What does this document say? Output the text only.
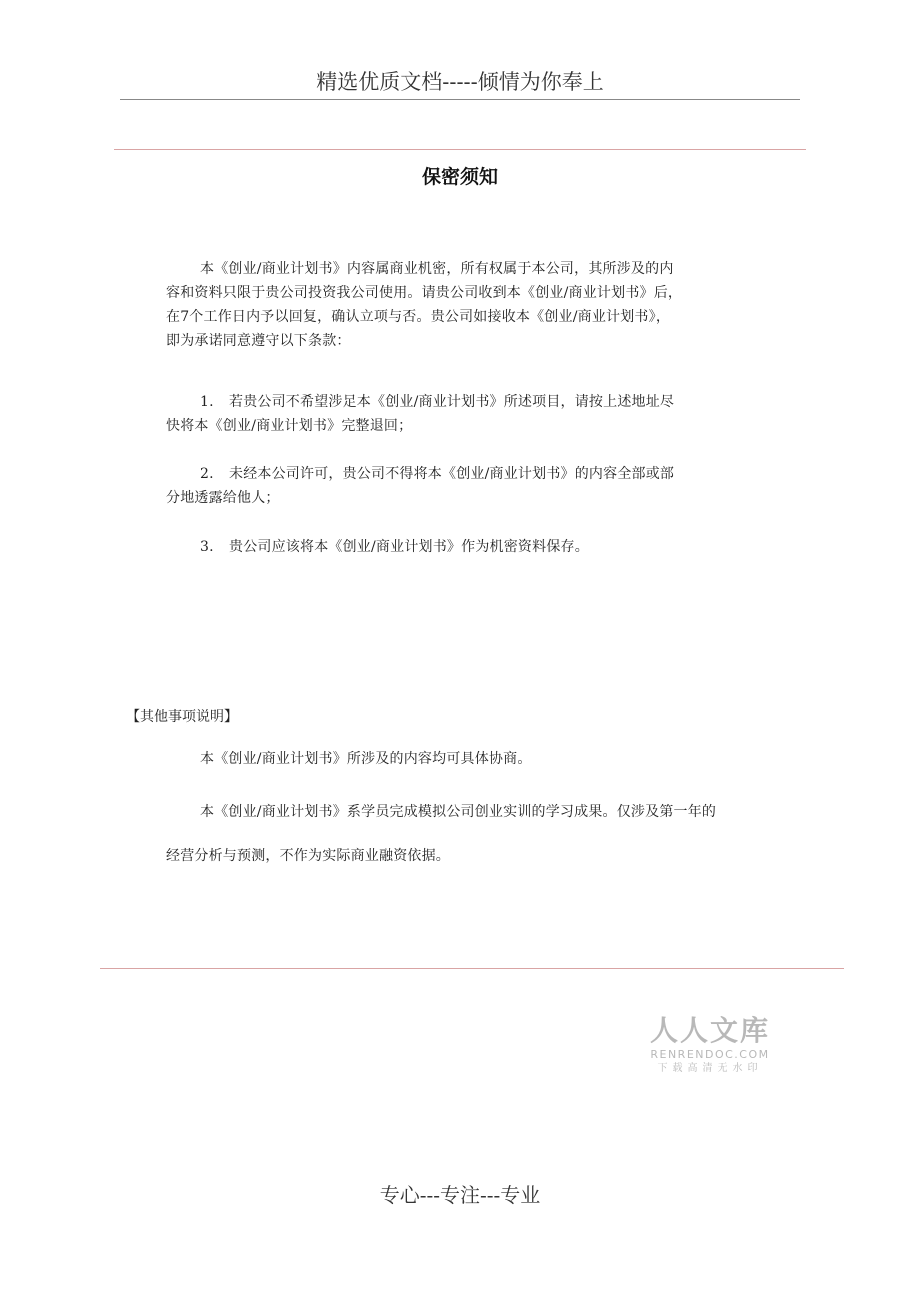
精选优质文档-----倾情为你奉上
保密须知
本《创业/商业计划书》内容属商业机密，所有权属于本公司，其所涉及的内
容和资料只限于贵公司投资我公司使用。请贵公司收到本《创业/商业计划书》后，
在7个工作日内予以回复，确认立项与否。贵公司如接收本《创业/商业计划书》，
即为承诺同意遵守以下条款：
1. 若贵公司不希望涉足本《创业/商业计划书》所述项目，请按上述地址尽
快将本《创业/商业计划书》完整退回；
2. 未经本公司许可，贵公司不得将本《创业/商业计划书》的内容全部或部
分地透露给他人；
3. 贵公司应该将本《创业/商业计划书》作为机密资料保存。
【其他事项说明】
本《创业/商业计划书》所涉及的内容均可具体协商。
本《创业/商业计划书》系学员完成模拟公司创业实训的学习成果。仅涉及第一年的
经营分析与预测，不作为实际商业融资依据。
人人文库
RENRENDOC.COM
下载高清无水印
专心---专注---专业
